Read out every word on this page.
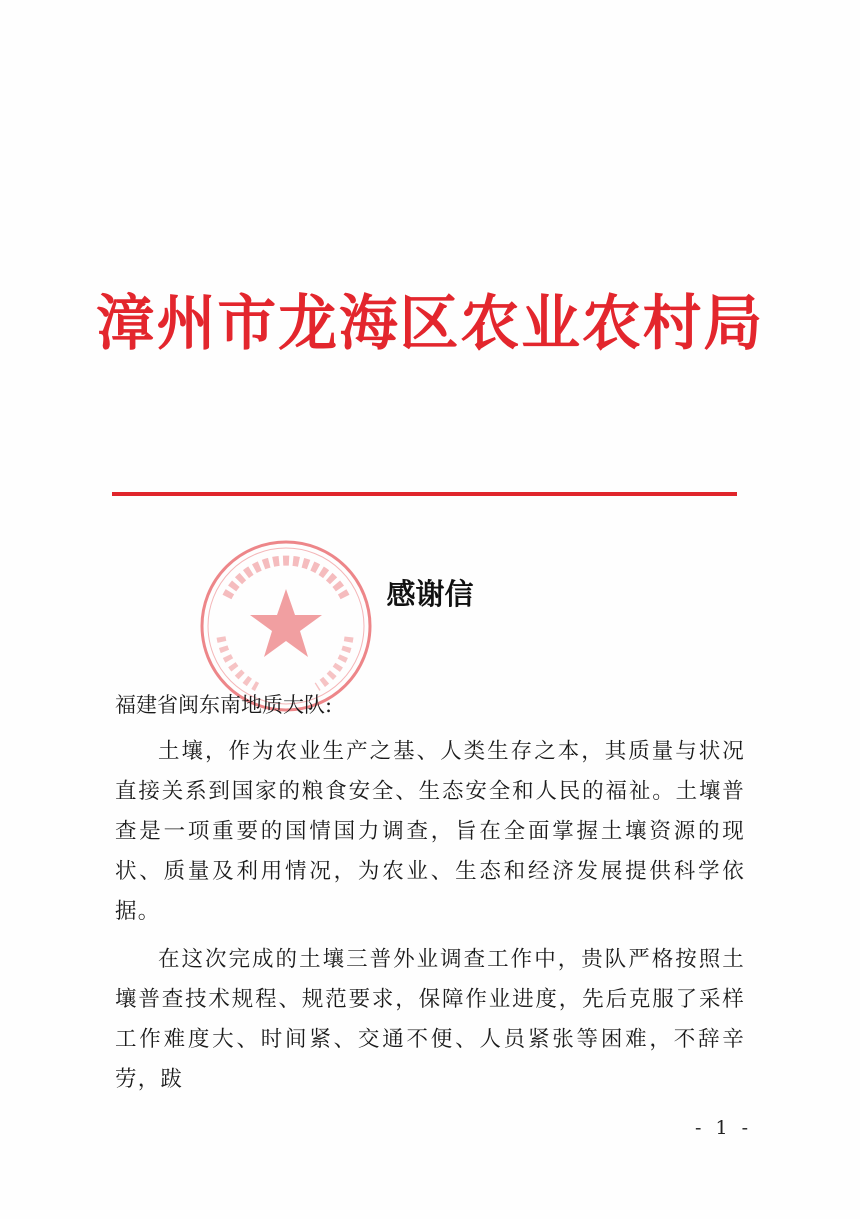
漳州市龙海区农业农村局
感谢信
福建省闽东南地质大队:

土壤，作为农业生产之基、人类生存之本，其质量与状况直接关系到国家的粮食安全、生态安全和人民的福祉。土壤普查是一项重要的国情国力调查，旨在全面掌握土壤资源的现状、质量及利用情况，为农业、生态和经济发展提供科学依据。

在这次完成的土壤三普外业调查工作中，贵队严格按照土壤普查技术规程、规范要求，保障作业进度，先后克服了采样工作难度大、时间紧、交通不便、人员紧张等困难，不辞辛劳，跋

- 1 -
